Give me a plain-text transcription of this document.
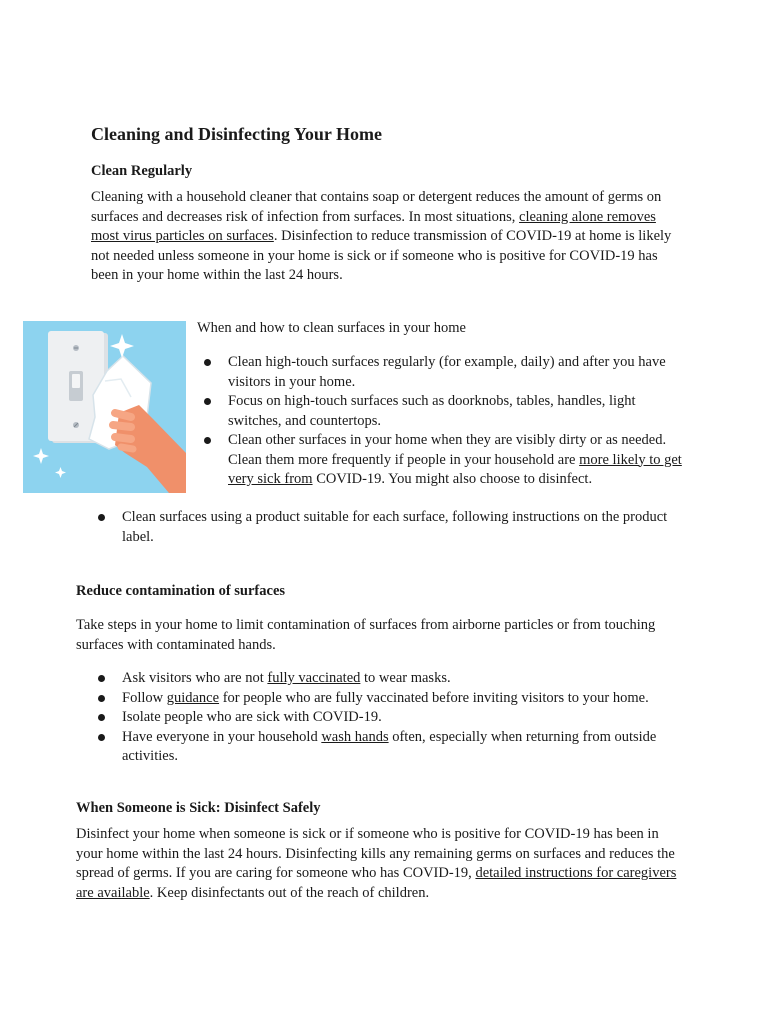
Cleaning and Disinfecting Your Home
Clean Regularly

Cleaning with a household cleaner that contains soap or detergent reduces the amount of germs on surfaces and decreases risk of infection from surfaces. In most situations, cleaning alone removes most virus particles on surfaces. Disinfection to reduce transmission of COVID-19 at home is likely not needed unless someone in your home is sick or if someone who is positive for COVID-19 has been in your home within the last 24 hours.

When and how to clean surfaces in your home

Clean high-touch surfaces regularly (for example, daily) and after you have visitors in your home.
Focus on high-touch surfaces such as doorknobs, tables, handles, light switches, and countertops.
Clean other surfaces in your home when they are visibly dirty or as needed. Clean them more frequently if people in your household are more likely to get very sick from COVID-19. You might also choose to disinfect.
Clean surfaces using a product suitable for each surface, following instructions on the product label.
Reduce contamination of surfaces

Take steps in your home to limit contamination of surfaces from airborne particles or from touching surfaces with contaminated hands.

Ask visitors who are not fully vaccinated to wear masks.
Follow guidance for people who are fully vaccinated before inviting visitors to your home.
Isolate people who are sick with COVID-19.
Have everyone in your household wash hands often, especially when returning from outside activities.
When Someone is Sick: Disinfect Safely

Disinfect your home when someone is sick or if someone who is positive for COVID-19 has been in your home within the last 24 hours. Disinfecting kills any remaining germs on surfaces and reduces the spread of germs. If you are caring for someone who has COVID-19, detailed instructions for caregivers are available. Keep disinfectants out of the reach of children.
